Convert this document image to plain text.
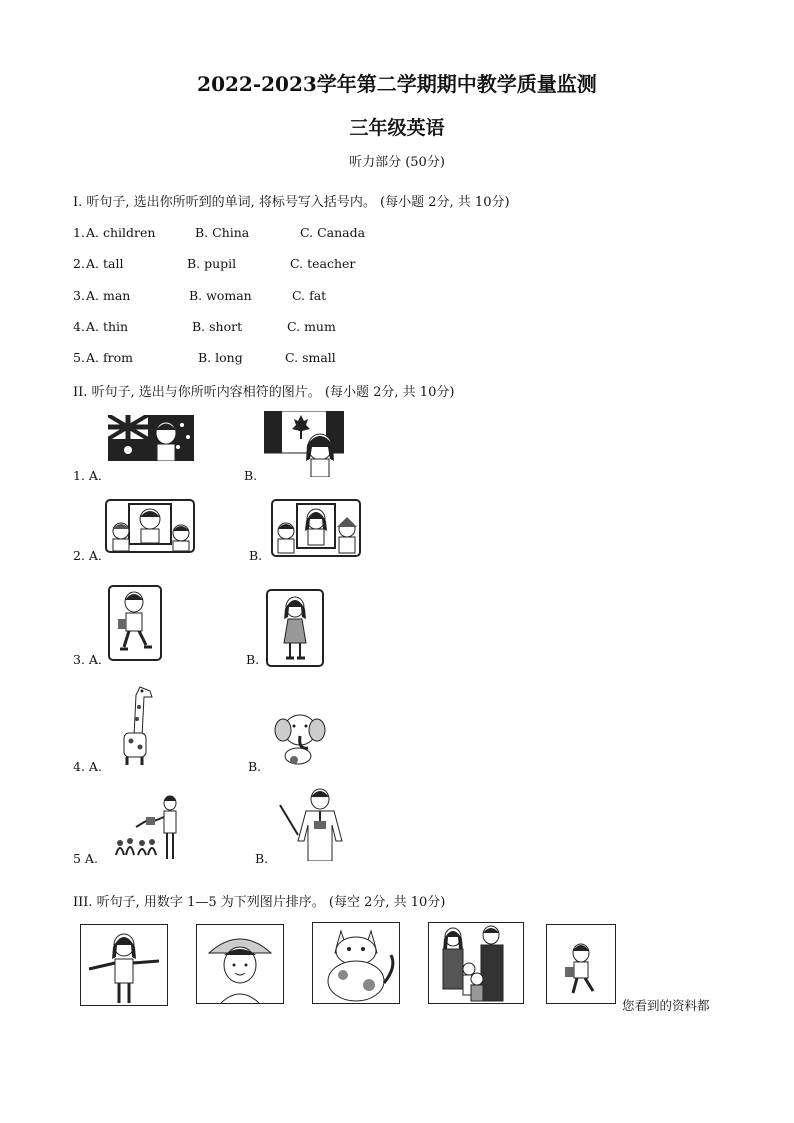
2022-2023学年第二学期期中教学质量监测
三年级英语
听力部分 (50分)
I. 听句子, 选出你所听到的单词, 将标号写入括号内。 (每小题 2分, 共 10分)
1. A. children	B. China	C. Canada
2. A. tall	B. pupil	C. teacher
3. A. man	B. woman	C. fat
4. A. thin	B. short	C. mum
5. A. from	B. long	C. small
II. 听句子, 选出与你所听内容相符的图片。 (每小题 2分, 共 10分)
1. A.	B.
2. A.	B.
3. A.	B.
4. A.	B.
5 A.	B.
III. 听句子, 用数字 1—5 为下列图片排序。 (每空 2分, 共 10分)
您看到的资料都
